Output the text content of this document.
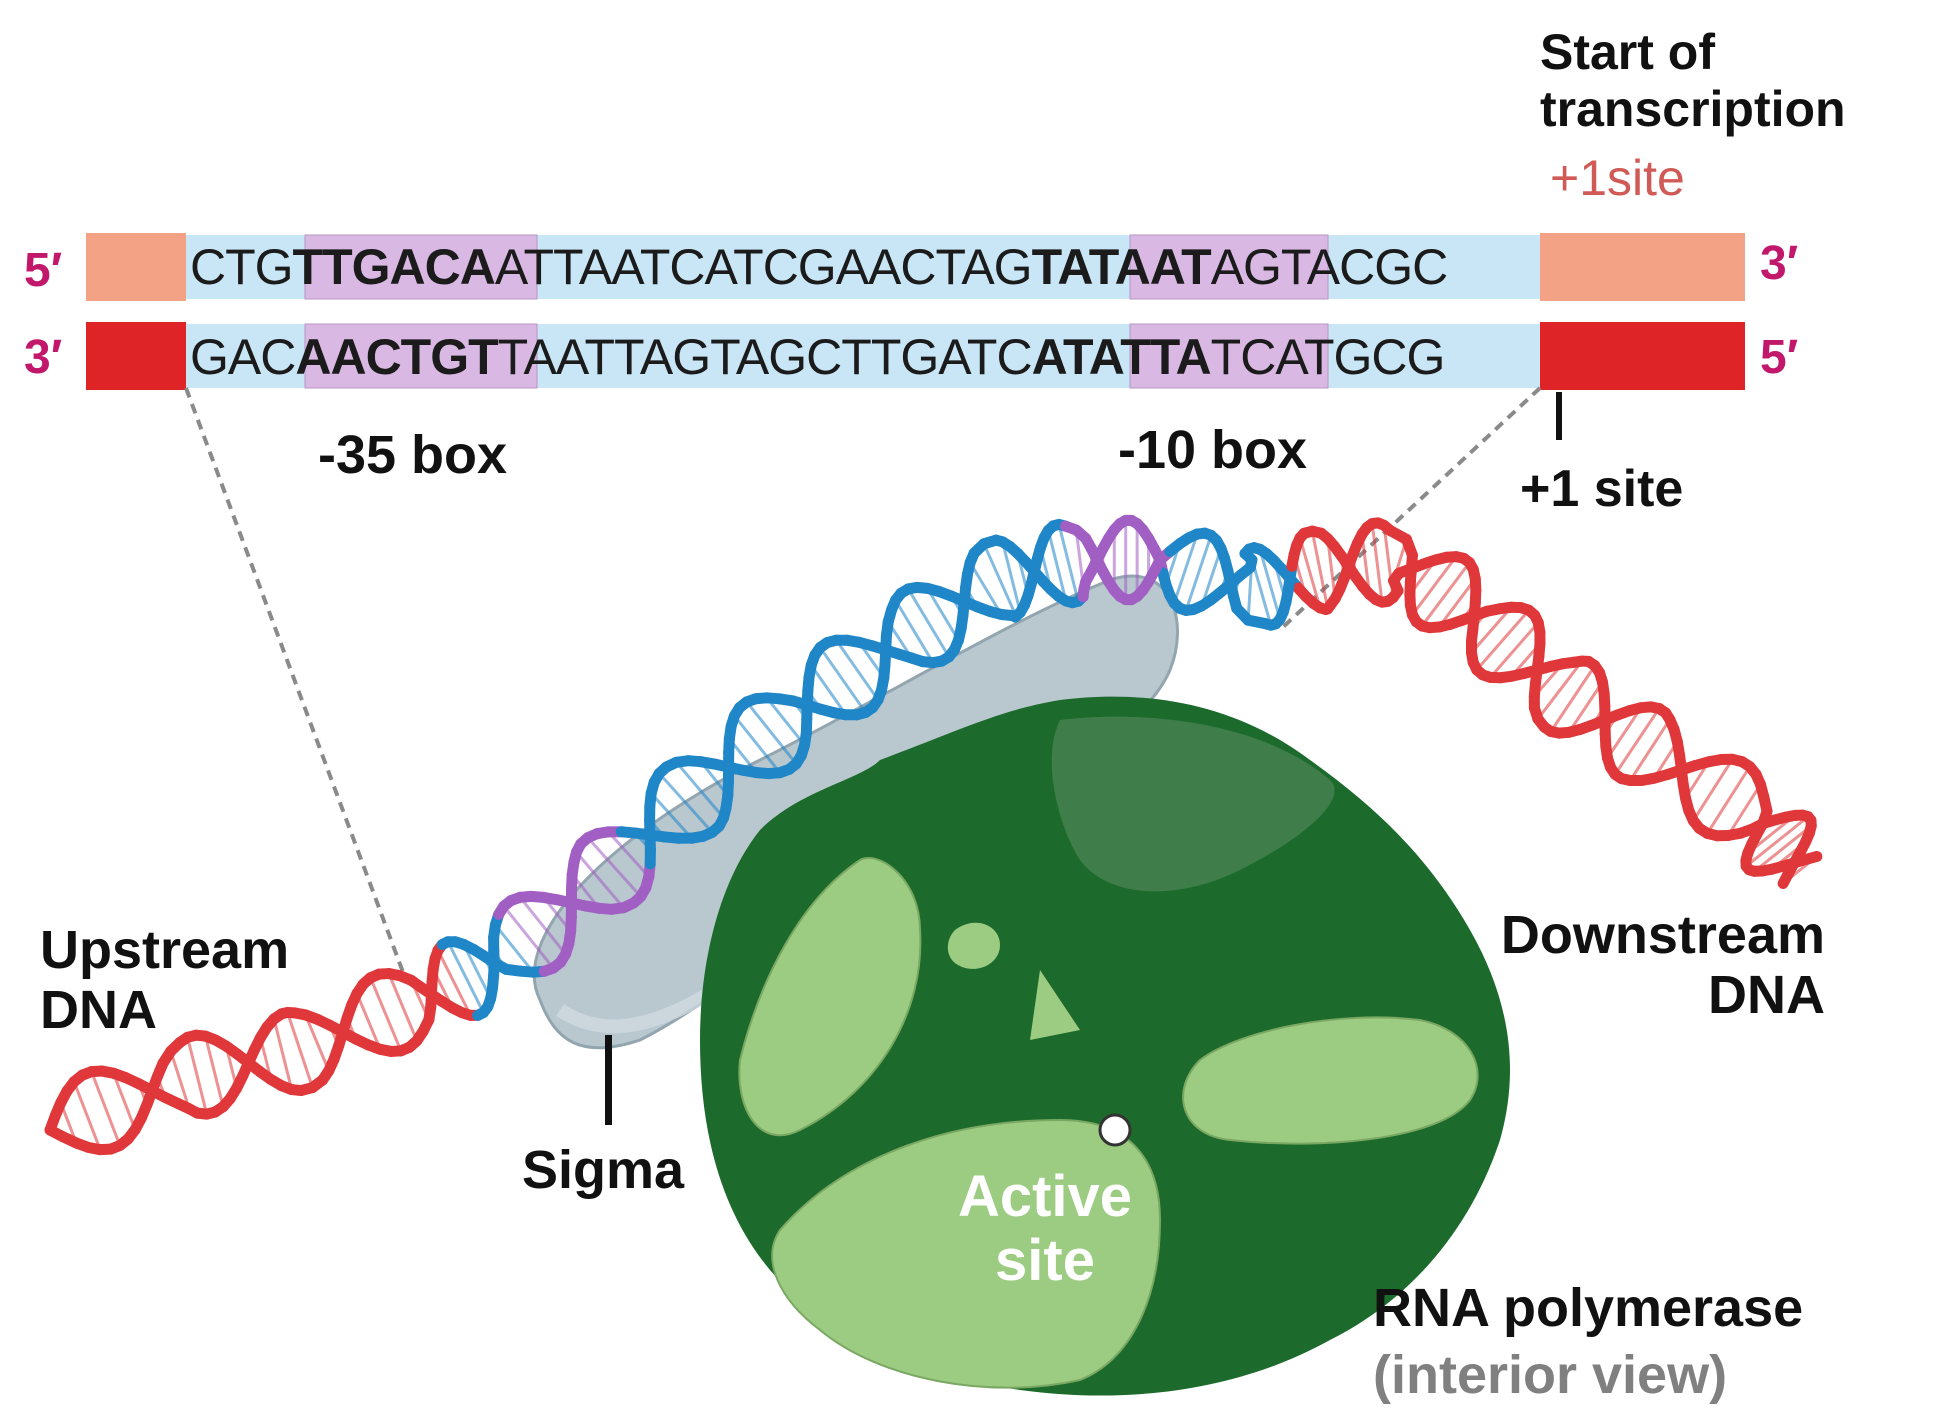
5′	3′
3′	5′
CTGTTGACAATTAATCATCGAACTAGTATAATAGTACGC
GACAACTGTTAATTAGTAGCTTGATCATATTATCATGCG
Start of
transcription
+1site
-35 box	-10 box
+1 site
Upstream
DNA
Downstream
DNA
Sigma	Active
site
RNA polymerase
(interior view)
